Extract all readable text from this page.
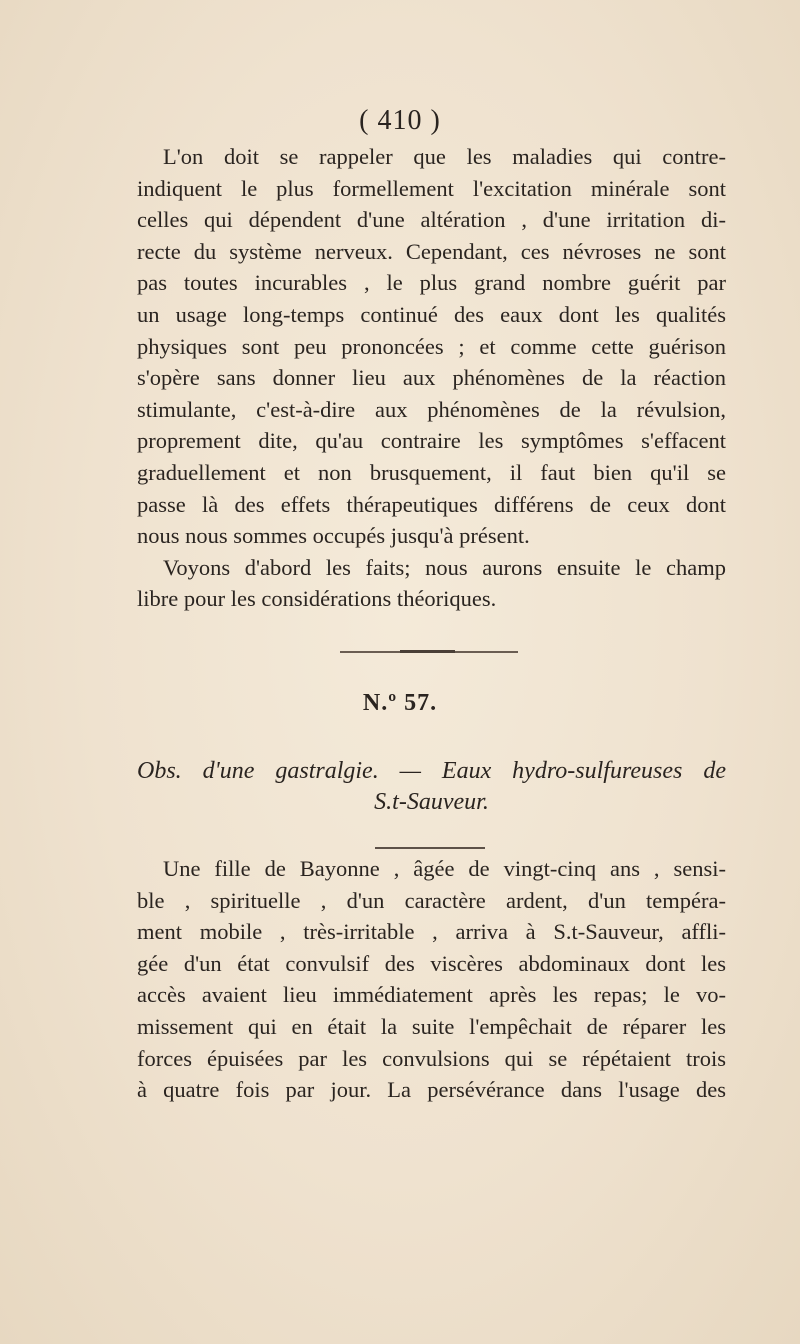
( 410 )
L'on doit se rappeler que les maladies qui contre-
indiquent le plus formellement l'excitation minérale sont
celles qui dépendent d'une altération , d'une irritation di-
recte du système nerveux. Cependant, ces névroses ne sont
pas toutes incurables , le plus grand nombre guérit par
un usage long-temps continué des eaux dont les qualités
physiques sont peu prononcées ; et comme cette guérison
s'opère sans donner lieu aux phénomènes de la réaction
stimulante, c'est-à-dire aux phénomènes de la révulsion,
proprement dite, qu'au contraire les symptômes s'effacent
graduellement et non brusquement, il faut bien qu'il se
passe là des effets thérapeutiques différens de ceux dont
nous nous sommes occupés jusqu'à présent.
Voyons d'abord les faits; nous aurons ensuite le champ
libre pour les considérations théoriques.
N.º 57.
Obs. d'une gastralgie. — Eaux hydro-sulfureuses de
S.t-Sauveur.
Une fille de Bayonne , âgée de vingt-cinq ans , sensi-
ble , spirituelle , d'un caractère ardent, d'un tempéra-
ment mobile , très-irritable , arriva à S.t-Sauveur, affli-
gée d'un état convulsif des viscères abdominaux dont les
accès avaient lieu immédiatement après les repas; le vo-
missement qui en était la suite l'empêchait de réparer les
forces épuisées par les convulsions qui se répétaient trois
à quatre fois par jour. La persévérance dans l'usage des
